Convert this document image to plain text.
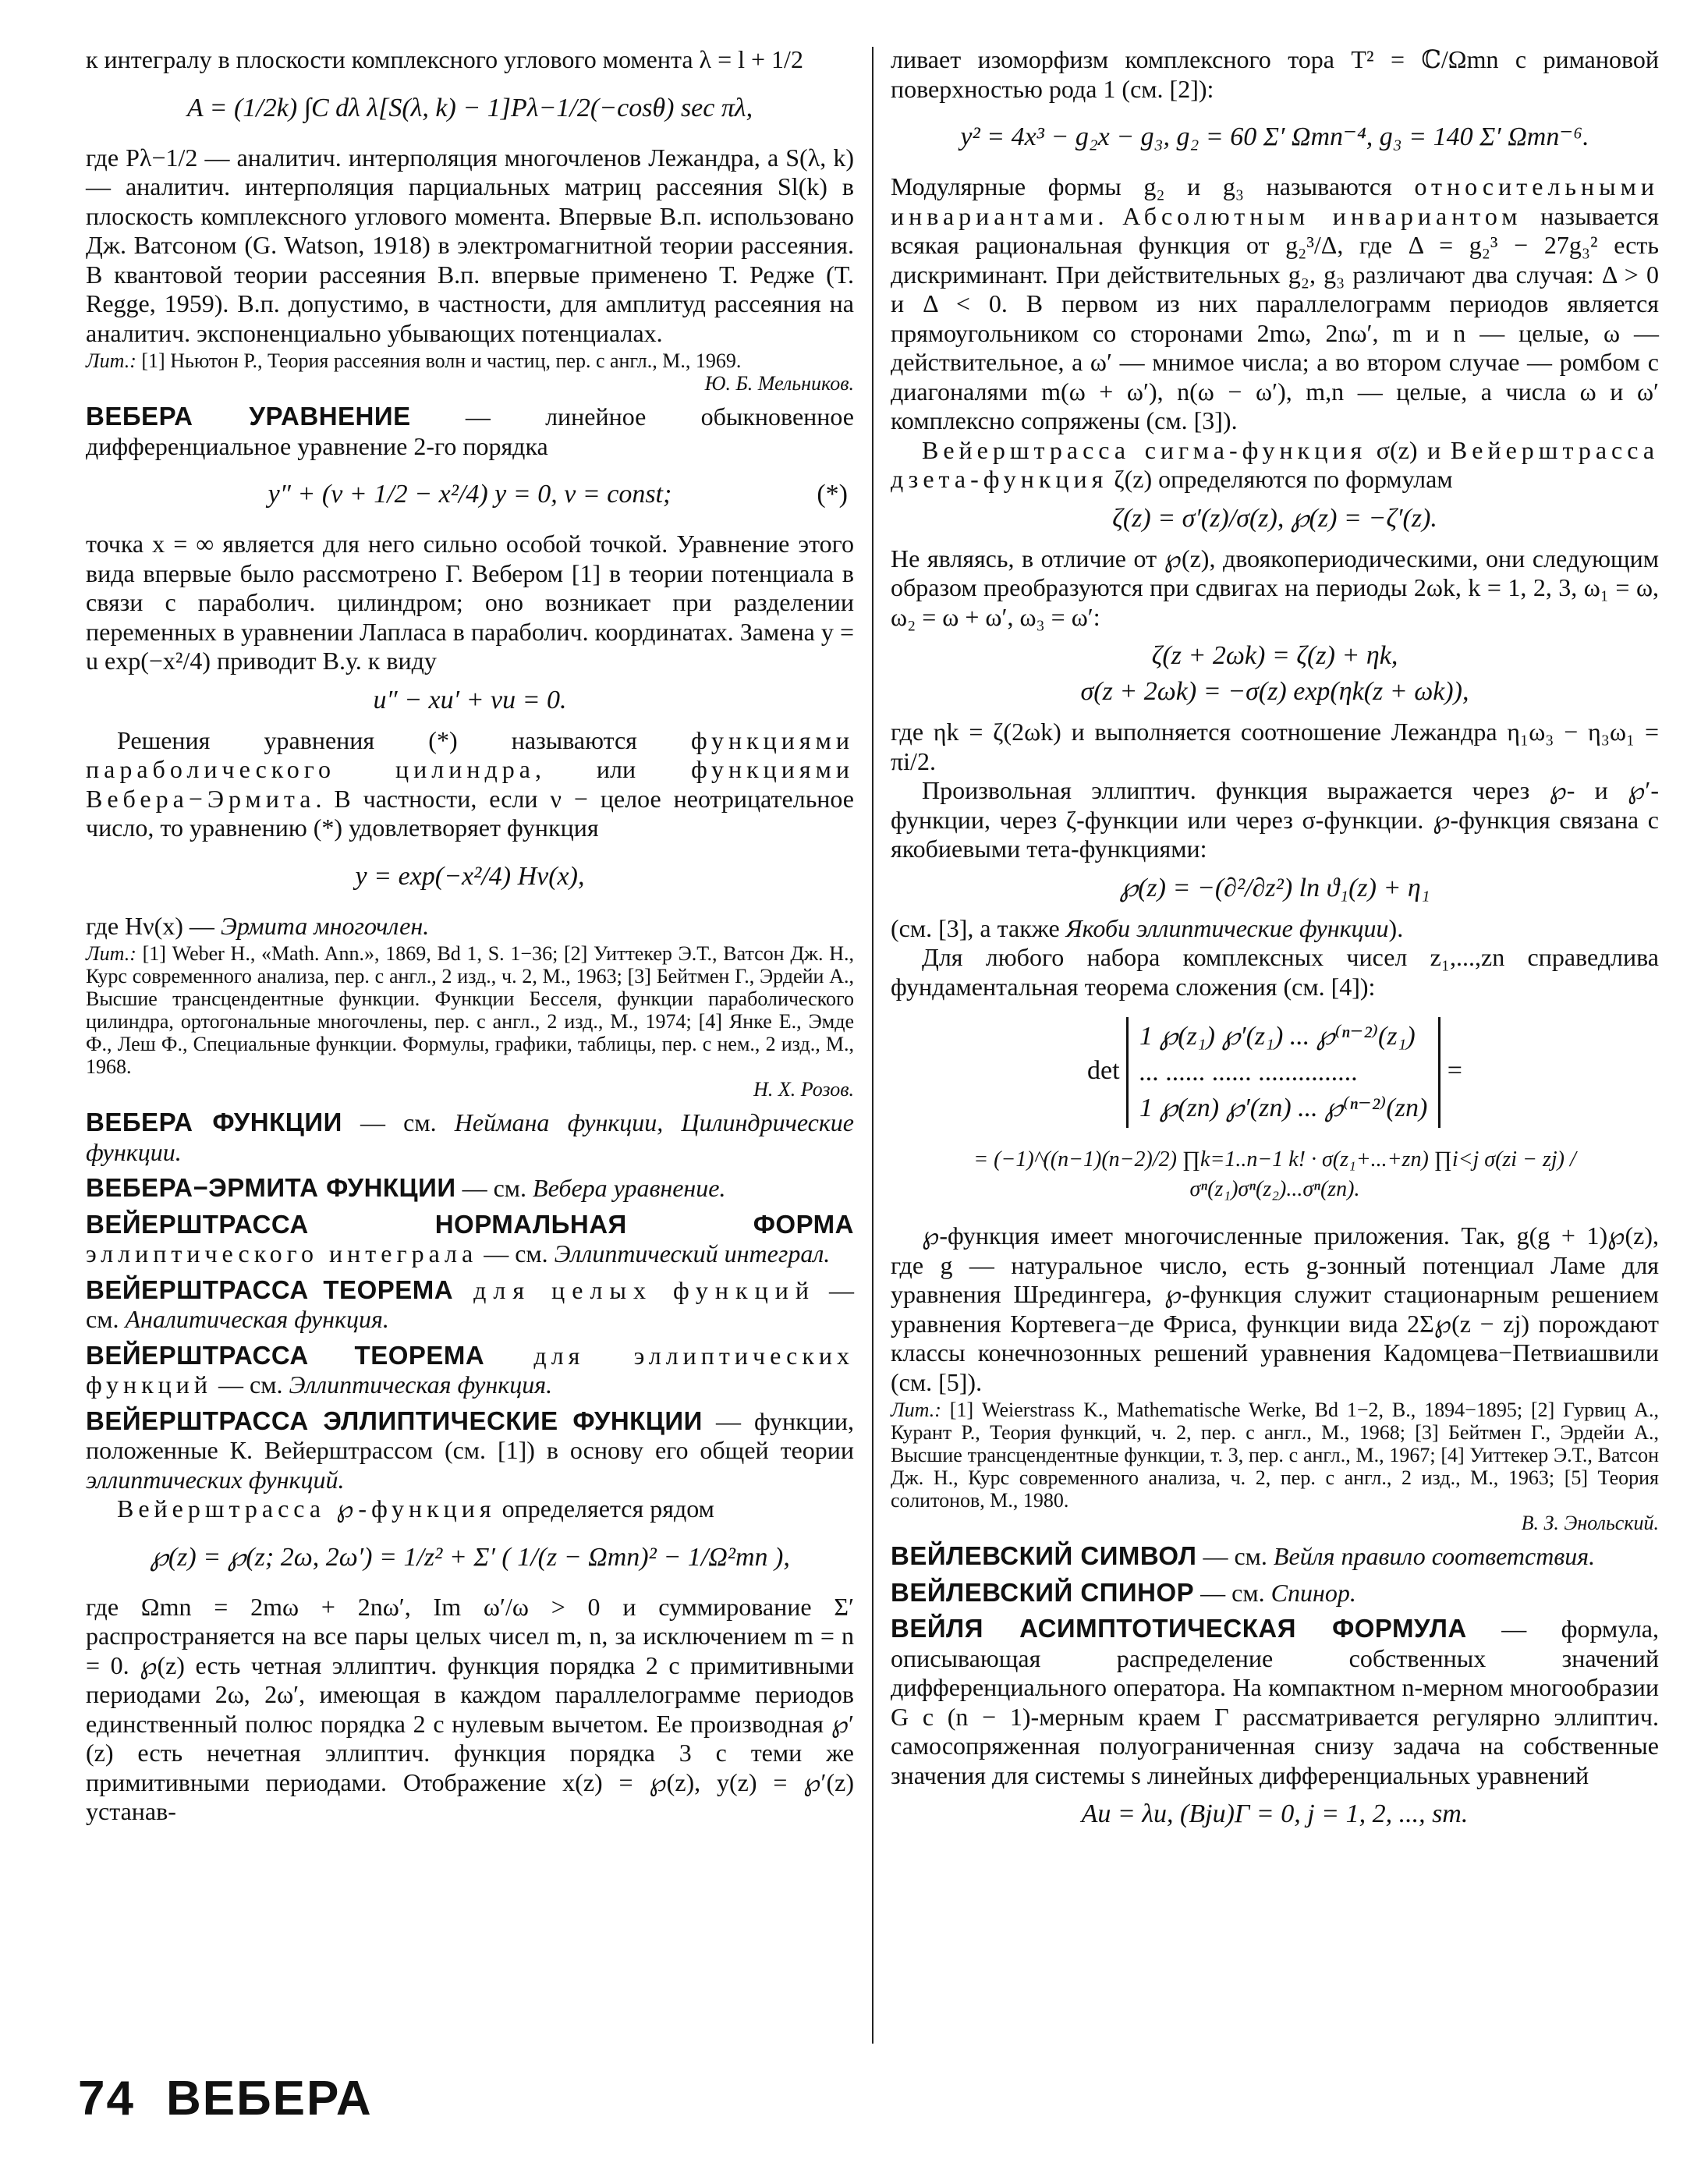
к интегралу в плоскости комплексного углового момента λ = l + 1/2

A = (1/2k) ∫C dλ λ[S(λ, k) − 1]Pλ−1/2(−cosθ) sec πλ,

где Pλ−1/2 — аналитич. интерполяция многочленов Лежандра, а S(λ, k) — аналитич. интерполяция парциальных матриц рассеяния Sl(k) в плоскость комплексного углового момента. Впервые В.п. использовано Дж. Ватсоном (G. Watson, 1918) в электромагнитной теории рассеяния. В квантовой теории рассеяния В.п. впервые применено Т. Редже (T. Regge, 1959). В.п. допустимо, в частности, для амплитуд рассеяния на аналитич. экспоненциально убывающих потенциалах.

Лит.: [1] Ньютон Р., Теория рассеяния волн и частиц, пер. с англ., М., 1969.
Ю. Б. Мельников.

ВЕБЕРА УРАВНЕНИЕ — линейное обыкновенное дифференциальное уравнение 2-го порядка

y″ + (ν + 1/2 − x²/4) y = 0, ν = const;	(*)

точка x = ∞ является для него сильно особой точкой. Уравнение этого вида впервые было рассмотрено Г. Вебером [1] в теории потенциала в связи с параболич. цилиндром; оно возникает при разделении переменных в уравнении Лапласа в параболич. координатах. Замена y = u exp(−x²/4) приводит В.у. к виду

u″ − xu′ + νu = 0.

Решения уравнения (*) называются функциями параболического цилиндра, или функциями Вебера−Эрмита. В частности, если ν − целое неотрицательное число, то уравнению (*) удовлетворяет функция

y = exp(−x²/4) Hν(x),

где Hν(x) — Эрмита многочлен.

Лит.: [1] Weber H., «Math. Ann.», 1869, Bd 1, S. 1−36; [2] Уиттекер Э.Т., Ватсон Дж. Н., Курс современного анализа, пер. с англ., 2 изд., ч. 2, М., 1963; [3] Бейтмен Г., Эрдейи А., Высшие трансцендентные функции. Функции Бесселя, функции параболического цилиндра, ортогональные многочлены, пер. с англ., 2 изд., М., 1974; [4] Янке Е., Эмде Ф., Леш Ф., Специальные функции. Формулы, графики, таблицы, пер. с нем., 2 изд., М., 1968.
Н. Х. Розов.

ВЕБЕРА ФУНКЦИИ — см. Неймана функции, Цилиндрические функции.

ВЕБЕРА−ЭРМИТА ФУНКЦИИ — см. Вебера уравнение.

ВЕЙЕРШТРАССА НОРМАЛЬНАЯ ФОРМА эллиптического интеграла — см. Эллиптический интеграл.

ВЕЙЕРШТРАССА ТЕОРЕМА для целых функций — см. Аналитическая функция.

ВЕЙЕРШТРАССА ТЕОРЕМА для эллиптических функций — см. Эллиптическая функция.

ВЕЙЕРШТРАССА ЭЛЛИПТИЧЕСКИЕ ФУНКЦИИ — функции, положенные К. Вейерштрассом (см. [1]) в основу его общей теории эллиптических функций.

Вейерштрасса ℘-функция определяется рядом

℘(z) = ℘(z; 2ω, 2ω′) = 1/z² + Σ′ ( 1/(z − Ωmn)² − 1/Ω²mn ),

где Ωmn = 2mω + 2nω′, Im ω′/ω > 0 и суммирование Σ′ распространяется на все пары целых чисел m, n, за исключением m = n = 0. ℘(z) есть четная эллиптич. функция порядка 2 с примитивными периодами 2ω, 2ω′, имеющая в каждом параллелограмме периодов единственный полюс порядка 2 с нулевым вычетом. Ее производная ℘′(z) есть нечетная эллиптич. функция порядка 3 с теми же примитивными периодами. Отображение x(z) = ℘(z), y(z) = ℘′(z) устанав-

ливает изоморфизм комплексного тора T² = ℂ/Ωmn с римановой поверхностью рода 1 (см. [2]):

y² = 4x³ − g₂x − g₃, g₂ = 60 Σ′ Ωmn⁻⁴, g₃ = 140 Σ′ Ωmn⁻⁶.

Модулярные формы g₂ и g₃ называются относительными инвариантами. Абсолютным инвариантом называется всякая рациональная функция от g₂³/Δ, где Δ = g₂³ − 27g₃² есть дискриминант. При действительных g₂, g₃ различают два случая: Δ > 0 и Δ < 0. В первом из них параллелограмм периодов является прямоугольником со сторонами 2mω, 2nω′, m и n — целые, ω — действительное, а ω′ — мнимое числа; а во втором случае — ромбом с диагоналями m(ω + ω′), n(ω − ω′), m,n — целые, а числа ω и ω′ комплексно сопряжены (см. [3]).

Вейерштрасса сигма-функция σ(z) и Вейерштрасса дзета-функция ζ(z) определяются по формулам

ζ(z) = σ′(z)/σ(z), ℘(z) = −ζ′(z).

Не являясь, в отличие от ℘(z), двоякопериодическими, они следующим образом преобразуются при сдвигах на периоды 2ωk, k = 1, 2, 3, ω₁ = ω, ω₂ = ω + ω′, ω₃ = ω′:

ζ(z + 2ωk) = ζ(z) + ηk,
σ(z + 2ωk) = −σ(z) exp(ηk(z + ωk)),

где ηk = ζ(2ωk) и выполняется соотношение Лежандра η₁ω₃ − η₃ω₁ = πi/2.

Произвольная эллиптич. функция выражается через ℘- и ℘′-функции, через ζ-функции или через σ-функции. ℘-функция связана с якобиевыми тета-функциями:

℘(z) = −(∂²/∂z²) ln ϑ₁(z) + η₁

(см. [3], а также Якоби эллиптические функции).

Для любого набора комплексных чисел z₁,...,zn справедлива фундаментальная теорема сложения (см. [4]):

det
1 ℘(z₁) ℘′(z₁) ... ℘⁽ⁿ⁻²⁾(z₁)
... ...... ...... ...............
1 ℘(zn) ℘′(zn) ... ℘⁽ⁿ⁻²⁾(zn)
=
= (−1)^((n−1)(n−2)/2) ∏k=1..n−1 k! · σ(z₁+...+zn) ∏i<j σ(zi − zj) / σⁿ(z₁)σⁿ(z₂)...σⁿ(zn).

℘-функция имеет многочисленные приложения. Так, g(g + 1)℘(z), где g — натуральное число, есть g-зонный потенциал Ламе для уравнения Шредингера, ℘-функция служит стационарным решением уравнения Кортевега−де Фриса, функции вида 2Σ℘(z − zj) порождают классы конечнозонных решений уравнения Кадомцева−Петвиашвили (см. [5]).

Лит.: [1] Weierstrass K., Mathematische Werke, Bd 1−2, B., 1894−1895; [2] Гурвиц А., Курант Р., Теория функций, ч. 2, пер. с англ., М., 1968; [3] Бейтмен Г., Эрдейи А., Высшие трансцендентные функции, т. 3, пер. с англ., М., 1967; [4] Уиттекер Э.Т., Ватсон Дж. Н., Курс современного анализа, ч. 2, пер. с англ., 2 изд., М., 1963; [5] Теория солитонов, М., 1980.
В. З. Энольский.

ВЕЙЛЕВСКИЙ СИМВОЛ — см. Вейля правило соответствия.

ВЕЙЛЕВСКИЙ СПИНОР — см. Спинор.

ВЕЙЛЯ АСИМПТОТИЧЕСКАЯ ФОРМУЛА — формула, описывающая распределение собственных значений дифференциального оператора. На компактном n-мерном многообразии G с (n − 1)-мерным краем Γ рассматривается регулярно эллиптич. самосопряженная полуограниченная снизу задача на собственные значения для системы s линейных дифференциальных уравнений

Au = λu, (Bju)Γ = 0, j = 1, 2, ..., sm.
74 ВЕБЕРА
